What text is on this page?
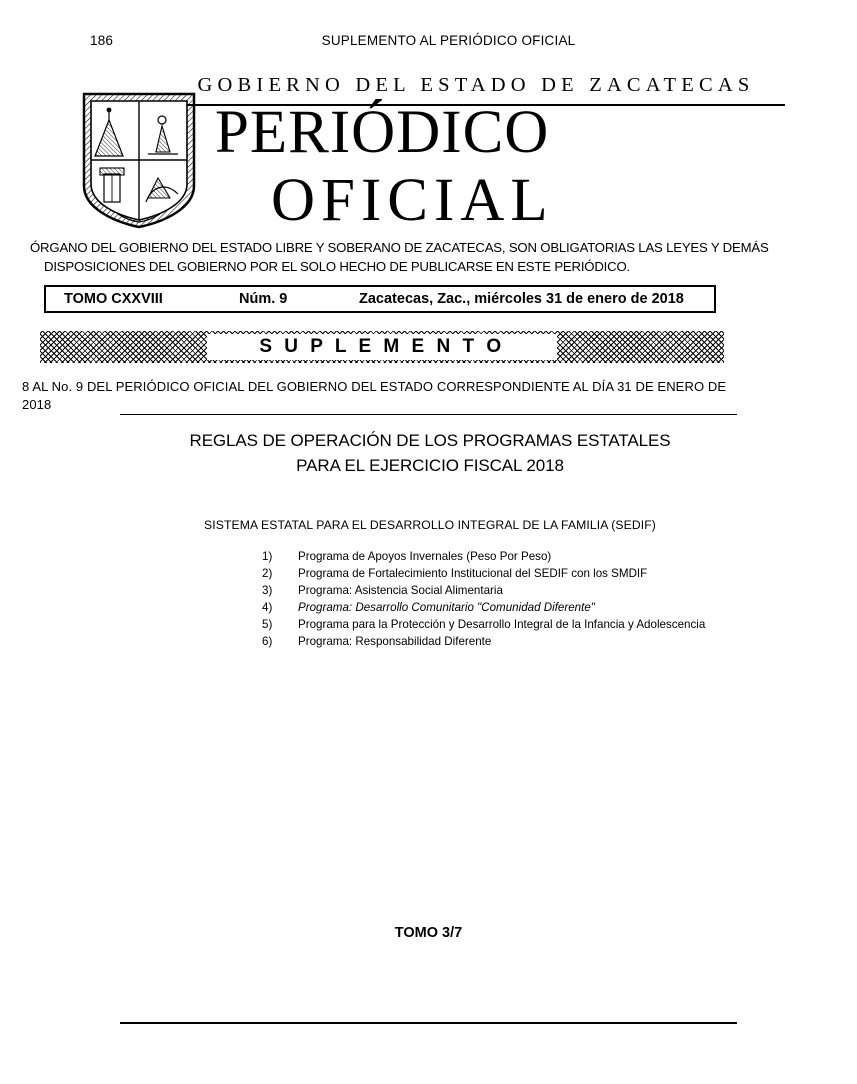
186	SUPLEMENTO AL PERIÓDICO OFICIAL
GOBIERNO DEL ESTADO DE ZACATECAS
PERIÓDICO
OFICIAL
ÓRGANO DEL GOBIERNO DEL ESTADO LIBRE Y SOBERANO DE ZACATECAS, SON OBLIGATORIAS LAS LEYES Y DEMÁS
DISPOSICIONES DEL GOBIERNO POR EL SOLO HECHO DE PUBLICARSE EN ESTE PERIÓDICO.
TOMO CXXVIII	Núm. 9	Zacatecas, Zac., miércoles 31 de enero de 2018
S U P L E M E N T O
8 AL No. 9 DEL PERIÓDICO OFICIAL DEL GOBIERNO DEL ESTADO CORRESPONDIENTE AL DÍA 31 DE ENERO DE
2018
REGLAS DE OPERACIÓN DE LOS PROGRAMAS ESTATALES
PARA EL EJERCICIO FISCAL 2018
SISTEMA ESTATAL PARA EL DESARROLLO INTEGRAL DE LA FAMILIA (SEDIF)
1)	Programa de Apoyos Invernales (Peso Por Peso)
2)	Programa de Fortalecimiento Institucional del SEDIF con los SMDIF
3)	Programa: Asistencia Social Alimentaria
4)	Programa: Desarrollo Comunitario "Comunidad Diferente"
5)	Programa para la Protección y Desarrollo Integral de la Infancia y Adolescencia
6)	Programa: Responsabilidad Diferente
TOMO 3/7
